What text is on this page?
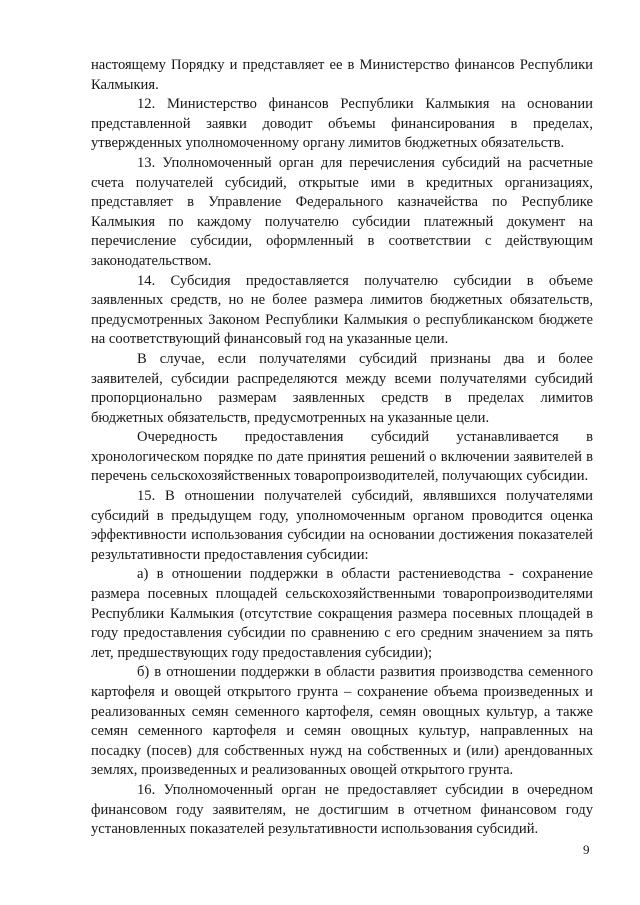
настоящему Порядку и представляет ее в Министерство финансов Республики Калмыкия.

12. Министерство финансов Республики Калмыкия на основании представленной заявки доводит объемы финансирования в пределах, утвержденных уполномоченному органу лимитов бюджетных обязательств.

13. Уполномоченный орган для перечисления субсидий на расчетные счета получателей субсидий, открытые ими в кредитных организациях, представляет в Управление Федерального казначейства по Республике Калмыкия по каждому получателю субсидии платежный документ на перечисление субсидии, оформленный в соответствии с действующим законодательством.

14. Субсидия предоставляется получателю субсидии в объеме заявленных средств, но не более размера лимитов бюджетных обязательств, предусмотренных Законом Республики Калмыкия о республиканском бюджете на соответствующий финансовый год на указанные цели.

В случае, если получателями субсидий признаны два и более заявителей, субсидии распределяются между всеми получателями субсидий пропорционально размерам заявленных средств в пределах лимитов бюджетных обязательств, предусмотренных на указанные цели.

Очередность предоставления субсидий устанавливается в хронологическом порядке по дате принятия решений о включении заявителей в перечень сельскохозяйственных товаропроизводителей, получающих субсидии.

15. В отношении получателей субсидий, являвшихся получателями субсидий в предыдущем году, уполномоченным органом проводится оценка эффективности использования субсидии на основании достижения показателей результативности предоставления субсидии:

а) в отношении поддержки в области растениеводства - сохранение размера посевных площадей сельскохозяйственными товаропроизводителями Республики Калмыкия (отсутствие сокращения размера посевных площадей в году предоставления субсидии по сравнению с его средним значением за пять лет, предшествующих году предоставления субсидии);

б) в отношении поддержки в области развития производства семенного картофеля и овощей открытого грунта – сохранение объема произведенных и реализованных семян семенного картофеля, семян овощных культур, а также семян семенного картофеля и семян овощных культур, направленных на посадку (посев) для собственных нужд на собственных и (или) арендованных землях, произведенных и реализованных овощей открытого грунта.

16. Уполномоченный орган не предоставляет субсидии в очередном финансовом году заявителям, не достигшим в отчетном финансовом году установленных показателей результативности использования субсидий.

9
